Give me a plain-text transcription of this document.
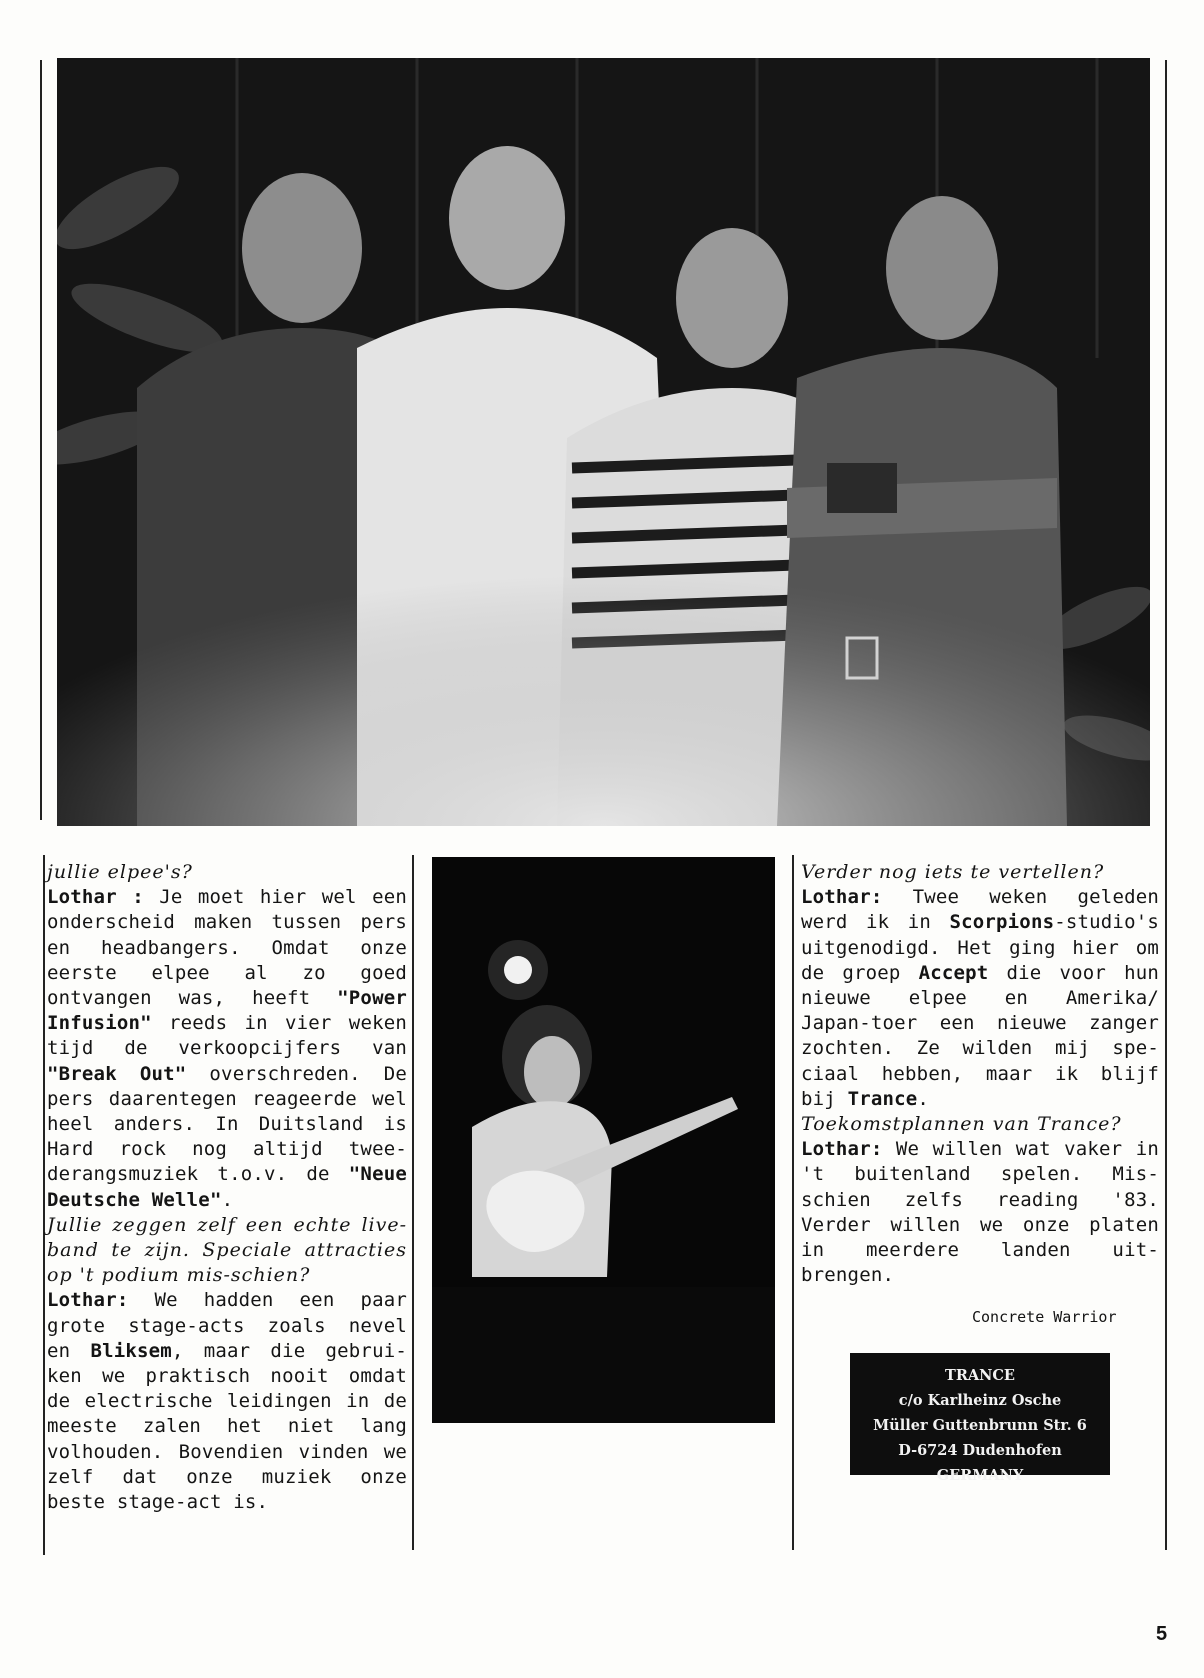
jullie elpee's?

Lothar : Je moet hier wel een onderscheid maken tussen pers en headbangers. Omdat onze eerste elpee al zo goed ontvangen was, heeft "Power Infusion" reeds in vier weken tijd de verkoopcijfers van "Break Out" overschreden. De pers daarentegen reageerde wel heel anders. In Duitsland is Hard rock nog altijd twee-derangsmuziek t.o.v. de "Neue Deutsche Welle".

Jullie zeggen zelf een echte live-band te zijn. Speciale attracties op 't podium mis-schien?

Lothar: We hadden een paar grote stage-acts zoals nevel en Bliksem, maar die gebrui-ken we praktisch nooit omdat de electrische leidingen in de meeste zalen het niet lang volhouden. Bovendien vinden we zelf dat onze muziek onze beste stage-act is.

Verder nog iets te vertellen?

Lothar: Twee weken geleden werd ik in Scorpions-studio's uitgenodigd. Het ging hier om de groep Accept die voor hun nieuwe elpee en Amerika/ Japan-toer een nieuwe zanger zochten. Ze wilden mij spe-ciaal hebben, maar ik blijf bij Trance.

Toekomstplannen van Trance?

Lothar: We willen wat vaker in 't buitenland spelen. Mis-schien zelfs reading '83. Verder willen we onze platen in meerdere landen uit-brengen.

Concrete Warrior
TRANCE
c/o Karlheinz Osche
Müller Guttenbrunn Str. 6
D-6724 Dudenhofen
GERMANY
5
